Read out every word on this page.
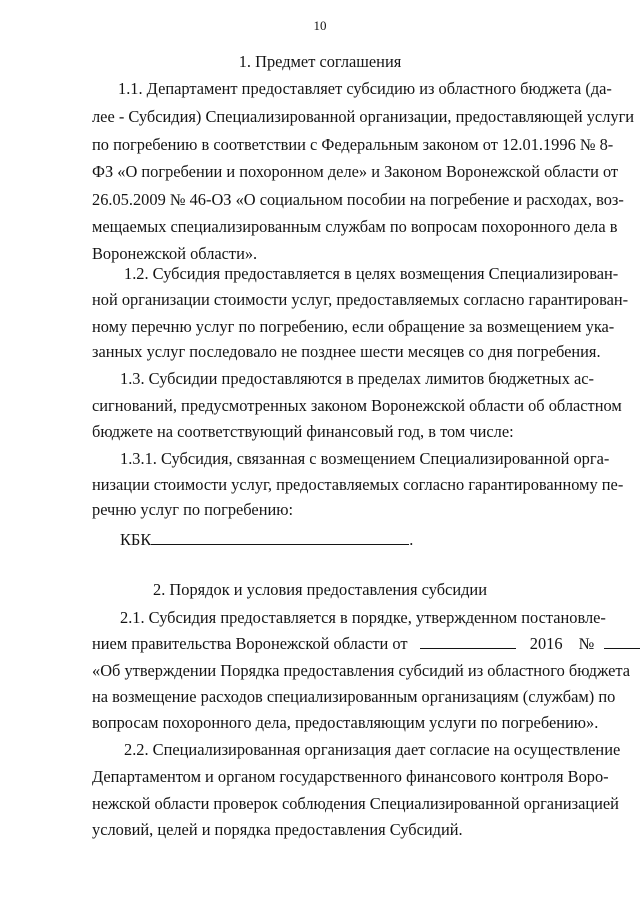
10
1. Предмет соглашения
1.1. Департамент предоставляет субсидию из областного бюджета (да-
лее - Субсидия) Специализированной организации, предоставляющей услуги
по погребению в соответствии с Федеральным законом от 12.01.1996 № 8-
ФЗ «О погребении и похоронном деле» и Законом Воронежской области от
26.05.2009 № 46-ОЗ «О социальном пособии на погребение и расходах, воз-
мещаемых специализированным службам по вопросам похоронного дела в
Воронежской области».
1.2. Субсидия предоставляется в целях возмещения Специализирован-
ной организации стоимости услуг, предоставляемых согласно гарантирован-
ному перечню услуг по погребению, если обращение за возмещением ука-
занных услуг последовало не позднее шести месяцев со дня погребения.
1.3. Субсидии предоставляются в пределах лимитов бюджетных ас-
сигнований, предусмотренных законом Воронежской области об областном
бюджете на соответствующий финансовый год, в том числе:
1.3.1. Субсидия, связанная с возмещением Специализированной орга-
низации стоимости услуг, предоставляемых согласно гарантированному пе-
речню услуг по погребению:
КБК	.
2. Порядок и условия предоставления субсидии
2.1. Субсидия предоставляется в порядке, утвержденном постановле-
нием правительства Воронежской области от	2016 №
«Об утверждении Порядка предоставления субсидий из областного бюджета
на возмещение расходов специализированным организациям (службам) по
вопросам похоронного дела, предоставляющим услуги по погребению».
2.2. Специализированная организация дает согласие на осуществление
Департаментом и органом государственного финансового контроля Воро-
нежской области проверок соблюдения Специализированной организацией
условий, целей и порядка предоставления Субсидий.
